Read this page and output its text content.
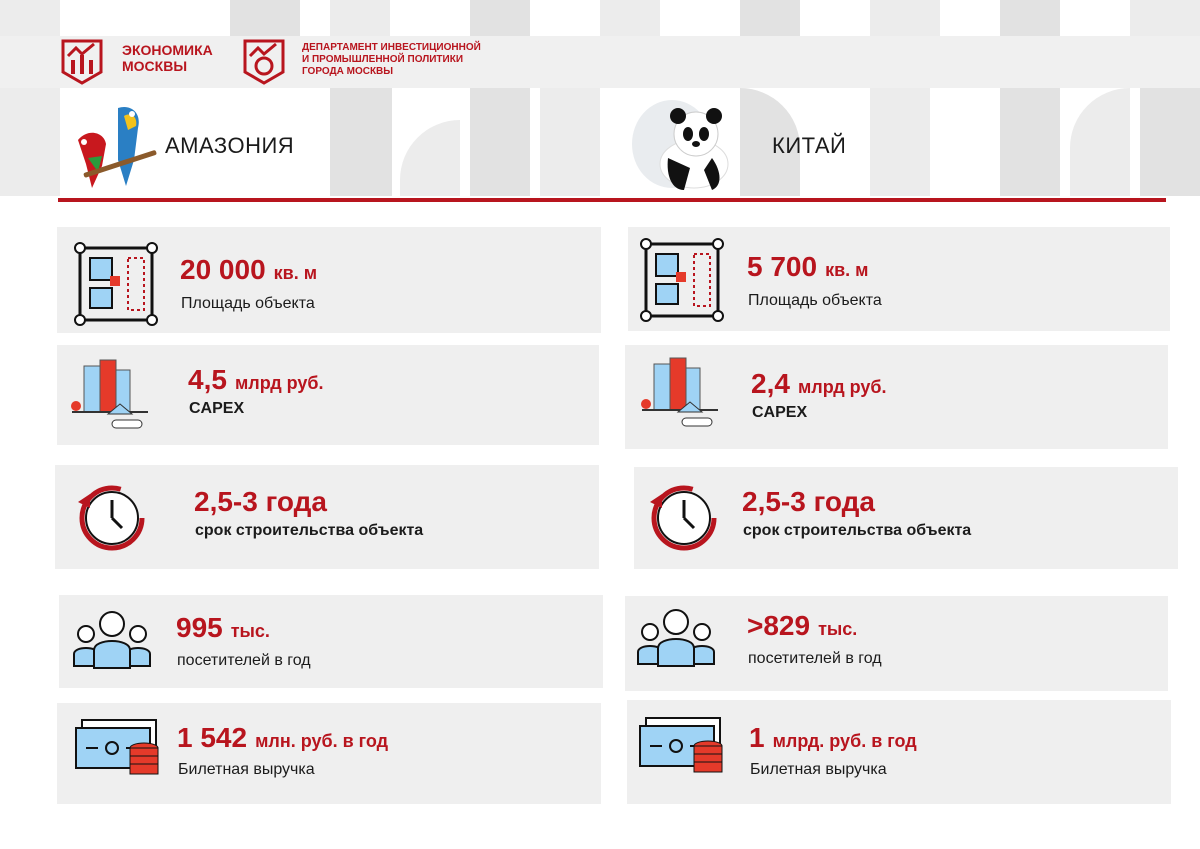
ЭКОНОМИКА
МОСКВЫ
ДЕПАРТАМЕНТ ИНВЕСТИЦИОННОЙ
И ПРОМЫШЛЕННОЙ ПОЛИТИКИ
ГОРОДА МОСКВЫ
АМАЗОНИЯ	КИТАЙ
20 000 кв. м
Площадь объекта
4,5 млрд руб.
CAPEX
2,5-3 года
срок строительства объекта
995 тыс.
посетителей в год
1 542 млн. руб. в год
Билетная выручка
5 700 кв. м
Площадь объекта
2,4 млрд руб.
CAPEX
2,5-3 года
срок строительства объекта
>829 тыс.
посетителей в год
1 млрд. руб. в год
Билетная выручка
